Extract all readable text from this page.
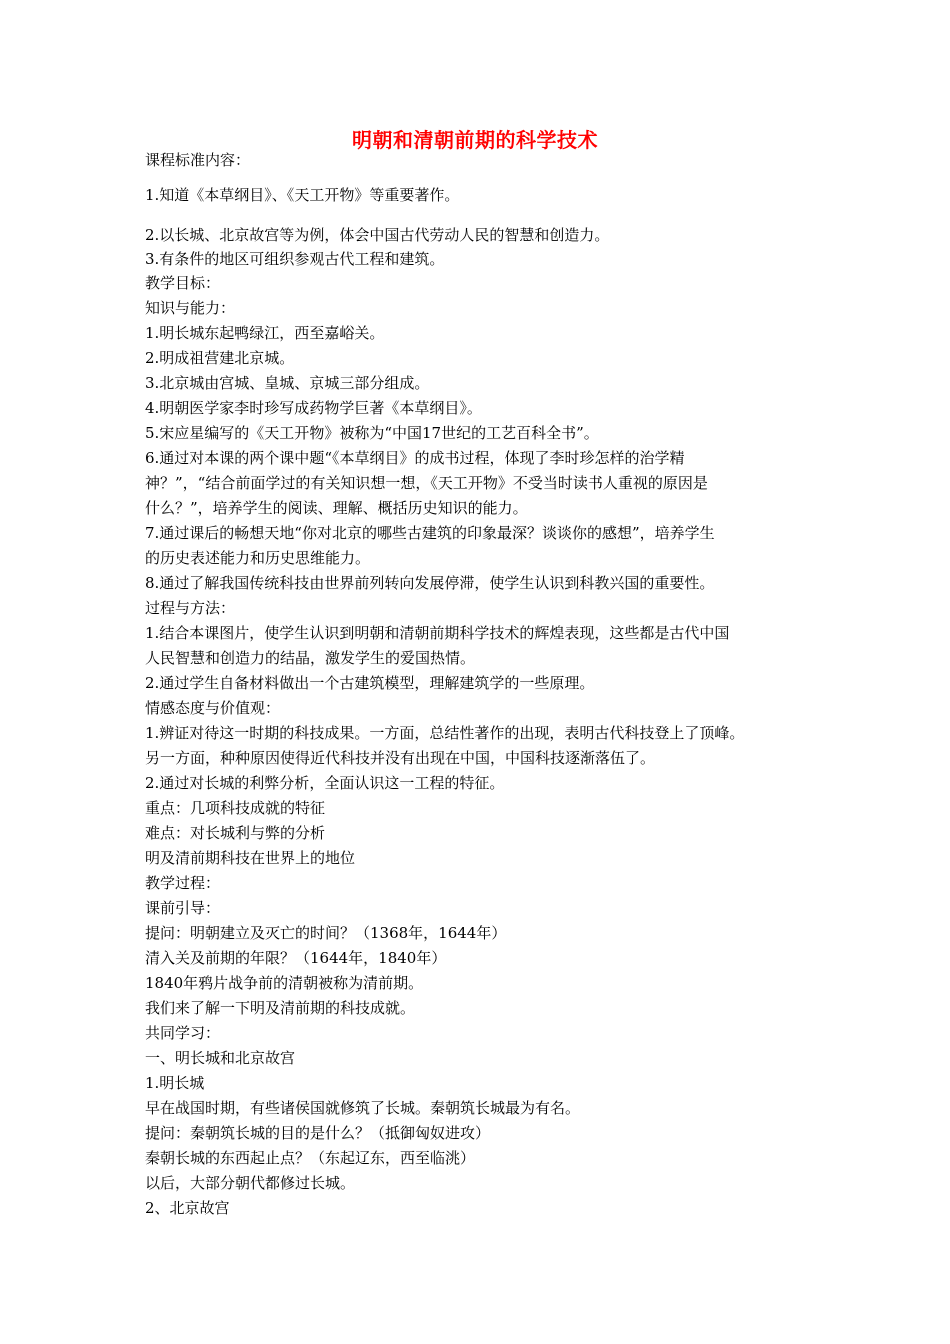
明朝和清朝前期的科学技术
课程标准内容：
1.知道《本草纲目》、《天工开物》等重要著作。
2.以长城、北京故宫等为例，体会中国古代劳动人民的智慧和创造力。
3.有条件的地区可组织参观古代工程和建筑。
教学目标：
知识与能力：
1.明长城东起鸭绿江，西至嘉峪关。
2.明成祖营建北京城。
3.北京城由宫城、皇城、京城三部分组成。
4.明朝医学家李时珍写成药物学巨著《本草纲目》。
5.宋应星编写的《天工开物》被称为“中国17世纪的工艺百科全书”。
6.通过对本课的两个课中题“《本草纲目》的成书过程，体现了李时珍怎样的治学精
神？”，“结合前面学过的有关知识想一想，《天工开物》不受当时读书人重视的原因是
什么？”，培养学生的阅读、理解、概括历史知识的能力。
7.通过课后的畅想天地“你对北京的哪些古建筑的印象最深？谈谈你的感想”，培养学生
的历史表述能力和历史思维能力。
8.通过了解我国传统科技由世界前列转向发展停滞，使学生认识到科教兴国的重要性。
过程与方法：
1.结合本课图片，使学生认识到明朝和清朝前期科学技术的辉煌表现，这些都是古代中国
人民智慧和创造力的结晶，激发学生的爱国热情。
2.通过学生自备材料做出一个古建筑模型，理解建筑学的一些原理。
情感态度与价值观：
1.辨证对待这一时期的科技成果。一方面，总结性著作的出现，表明古代科技登上了顶峰。
另一方面，种种原因使得近代科技并没有出现在中国，中国科技逐渐落伍了。
2.通过对长城的利弊分析，全面认识这一工程的特征。
重点：几项科技成就的特征
难点：对长城利与弊的分析
明及清前期科技在世界上的地位
教学过程：
课前引导：
提问：明朝建立及灭亡的时间？（1368年，1644年）
清入关及前期的年限？（1644年，1840年）
1840年鸦片战争前的清朝被称为清前期。
我们来了解一下明及清前期的科技成就。
共同学习：
一、明长城和北京故宫
1.明长城
早在战国时期，有些诸侯国就修筑了长城。秦朝筑长城最为有名。
提问：秦朝筑长城的目的是什么？（抵御匈奴进攻）
秦朝长城的东西起止点？（东起辽东，西至临洮）
以后，大部分朝代都修过长城。
2、北京故宫
